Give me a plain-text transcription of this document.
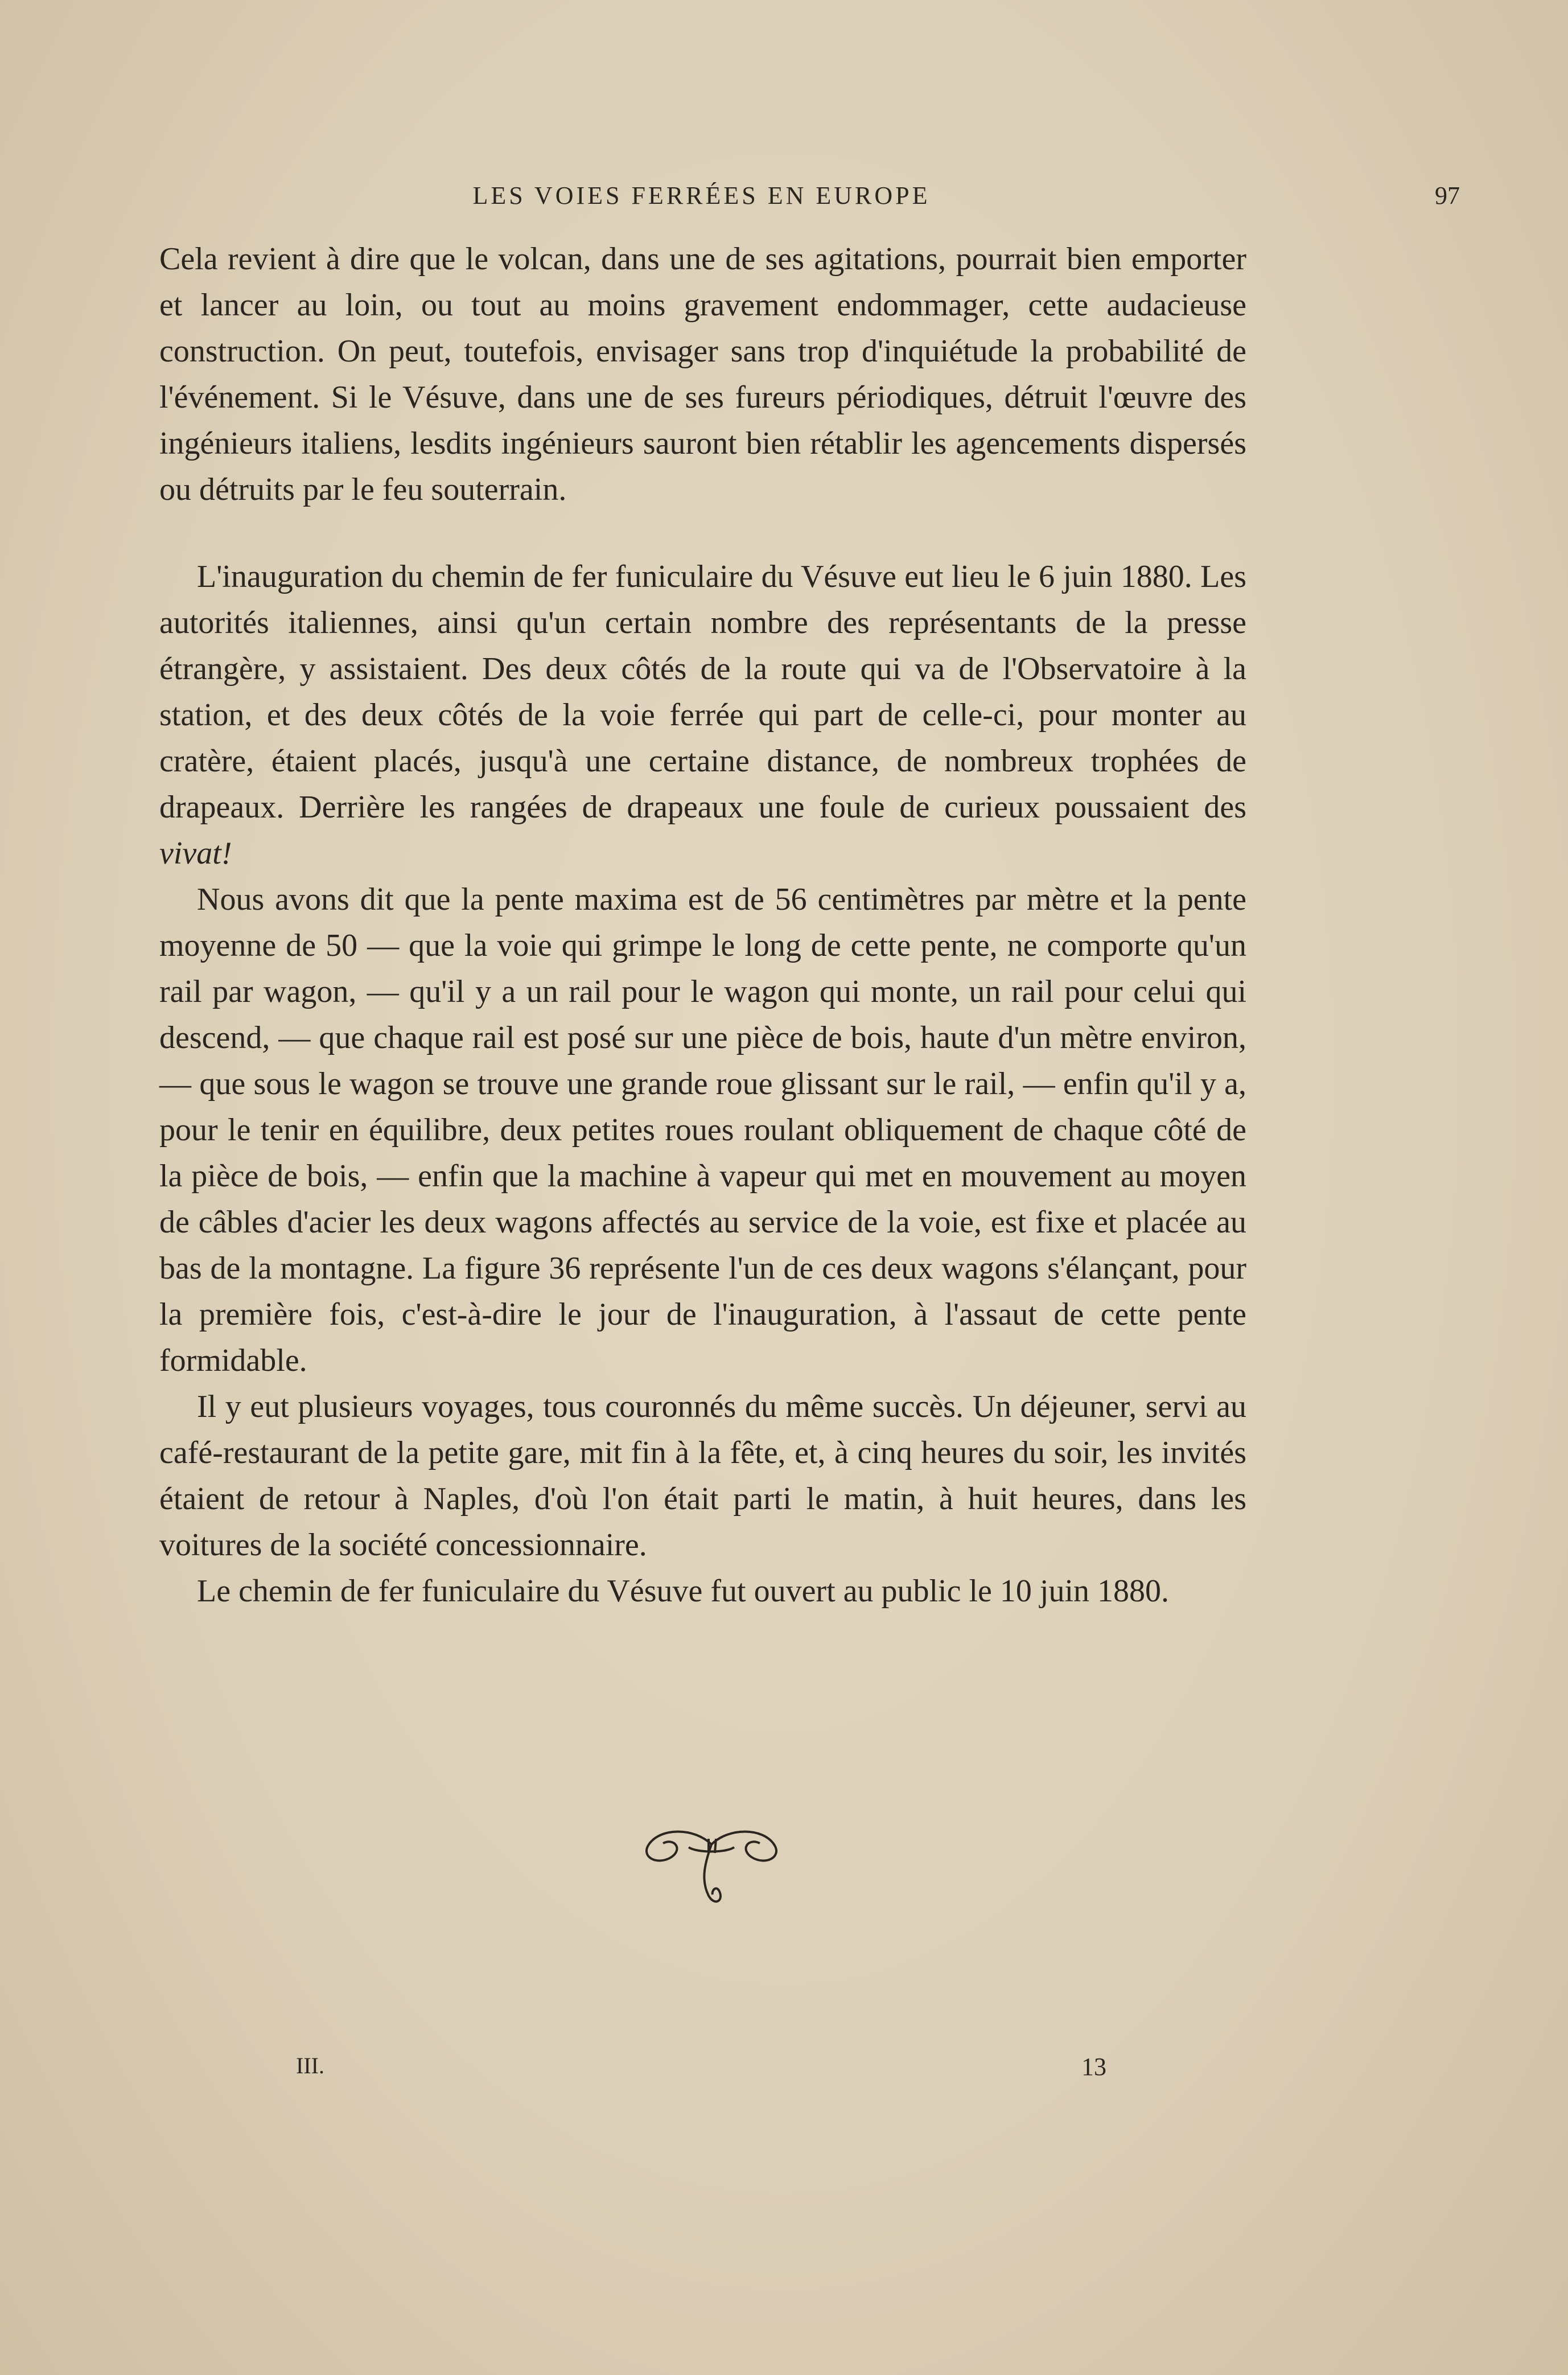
LES VOIES FERRÉES EN EUROPE	97

Cela revient à dire que le volcan, dans une de ses agitations, pourrait bien emporter et lancer au loin, ou tout au moins gravement endommager, cette audacieuse construction. On peut, toutefois, envisager sans trop d'inquiétude la probabilité de l'événement. Si le Vésuve, dans une de ses fureurs périodiques, détruit l'œuvre des ingénieurs italiens, lesdits ingénieurs sauront bien rétablir les agencements dispersés ou détruits par le feu souterrain.

L'inauguration du chemin de fer funiculaire du Vésuve eut lieu le 6 juin 1880. Les autorités italiennes, ainsi qu'un certain nombre des représentants de la presse étrangère, y assistaient. Des deux côtés de la route qui va de l'Observatoire à la station, et des deux côtés de la voie ferrée qui part de celle-ci, pour monter au cratère, étaient placés, jusqu'à une certaine distance, de nombreux trophées de drapeaux. Derrière les rangées de drapeaux une foule de curieux poussaient des vivat!

Nous avons dit que la pente maxima est de 56 centimètres par mètre et la pente moyenne de 50 — que la voie qui grimpe le long de cette pente, ne comporte qu'un rail par wagon, — qu'il y a un rail pour le wagon qui monte, un rail pour celui qui descend, — que chaque rail est posé sur une pièce de bois, haute d'un mètre environ, — que sous le wagon se trouve une grande roue glissant sur le rail, — enfin qu'il y a, pour le tenir en équilibre, deux petites roues roulant obliquement de chaque côté de la pièce de bois, — enfin que la machine à vapeur qui met en mouvement au moyen de câbles d'acier les deux wagons affectés au service de la voie, est fixe et placée au bas de la montagne. La figure 36 représente l'un de ces deux wagons s'élançant, pour la première fois, c'est-à-dire le jour de l'inauguration, à l'assaut de cette pente formidable.

Il y eut plusieurs voyages, tous couronnés du même succès. Un déjeuner, servi au café-restaurant de la petite gare, mit fin à la fête, et, à cinq heures du soir, les invités étaient de retour à Naples, d'où l'on était parti le matin, à huit heures, dans les voitures de la société concessionnaire.

Le chemin de fer funiculaire du Vésuve fut ouvert au public le 10 juin 1880.

III.	13
